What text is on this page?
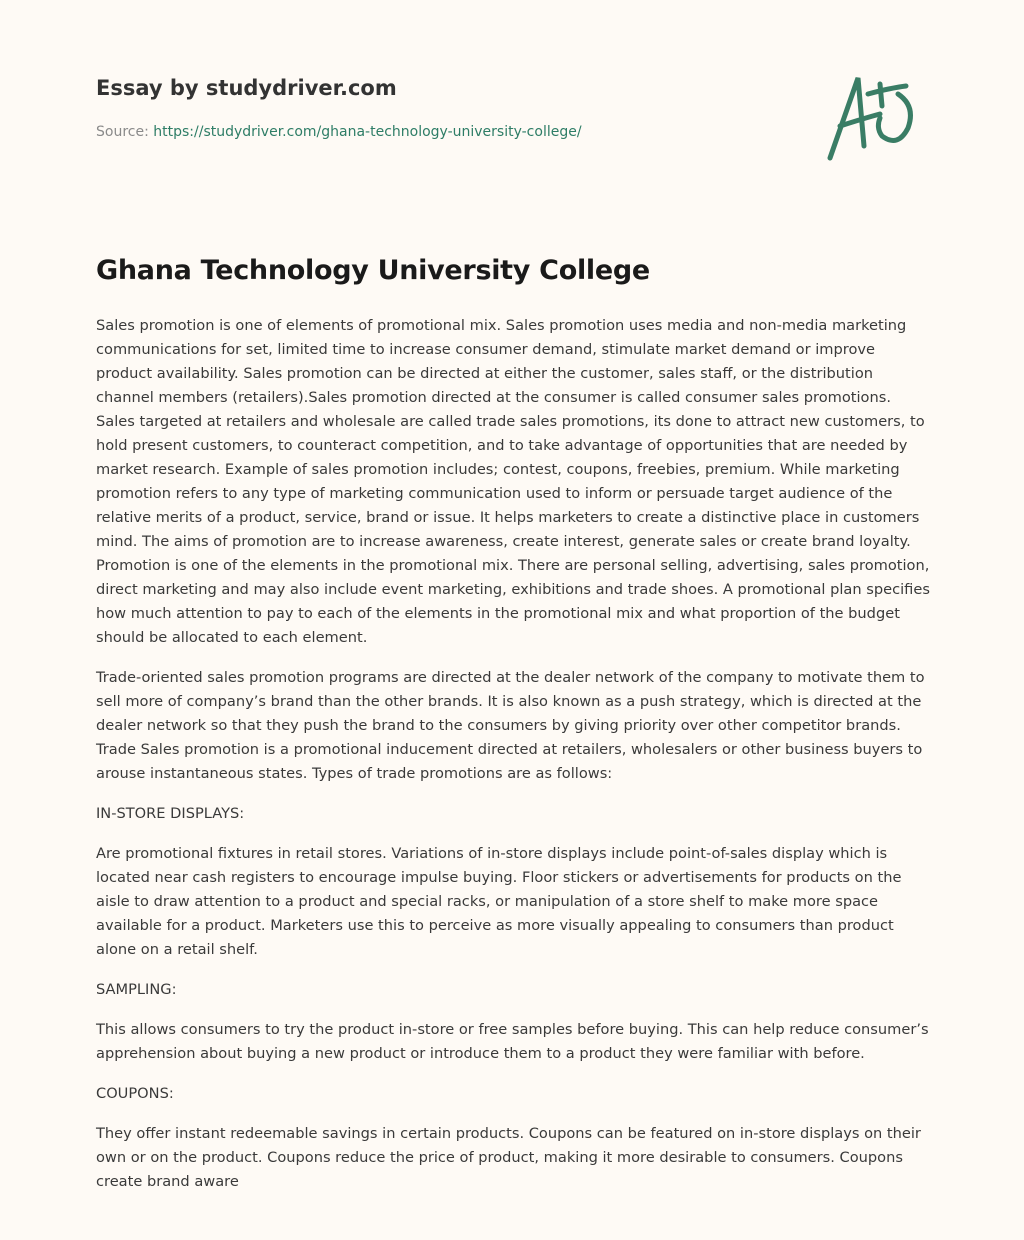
Essay by studydriver.com
Source: https://studydriver.com/ghana-technology-university-college/
Ghana Technology University College

Sales promotion is one of elements of promotional mix. Sales promotion uses media and non-media marketing communications for set, limited time to increase consumer demand, stimulate market demand or improve product availability. Sales promotion can be directed at either the customer, sales staff, or the distribution channel members (retailers).Sales promotion directed at the consumer is called consumer sales promotions. Sales targeted at retailers and wholesale are called trade sales promotions, its done to attract new customers, to hold present customers, to counteract competition, and to take advantage of opportunities that are needed by market research. Example of sales promotion includes; contest, coupons, freebies, premium. While marketing promotion refers to any type of marketing communication used to inform or persuade target audience of the relative merits of a product, service, brand or issue. It helps marketers to create a distinctive place in customers mind. The aims of promotion are to increase awareness, create interest, generate sales or create brand loyalty. Promotion is one of the elements in the promotional mix. There are personal selling, advertising, sales promotion, direct marketing and may also include event marketing, exhibitions and trade shoes. A promotional plan specifies how much attention to pay to each of the elements in the promotional mix and what proportion of the budget should be allocated to each element.

Trade-oriented sales promotion programs are directed at the dealer network of the company to motivate them to sell more of company’s brand than the other brands. It is also known as a push strategy, which is directed at the dealer network so that they push the brand to the consumers by giving priority over other competitor brands. Trade Sales promotion is a promotional inducement directed at retailers, wholesalers or other business buyers to arouse instantaneous states. Types of trade promotions are as follows:

IN-STORE DISPLAYS:

Are promotional fixtures in retail stores. Variations of in-store displays include point-of-sales display which is located near cash registers to encourage impulse buying. Floor stickers or advertisements for products on the aisle to draw attention to a product and special racks, or manipulation of a store shelf to make more space available for a product. Marketers use this to perceive as more visually appealing to consumers than product alone on a retail shelf.

SAMPLING:

This allows consumers to try the product in-store or free samples before buying. This can help reduce consumer’s apprehension about buying a new product or introduce them to a product they were familiar with before.

COUPONS:

They offer instant redeemable savings in certain products. Coupons can be featured on in-store displays on their own or on the product. Coupons reduce the price of product, making it more desirable to consumers. Coupons create brand aware
